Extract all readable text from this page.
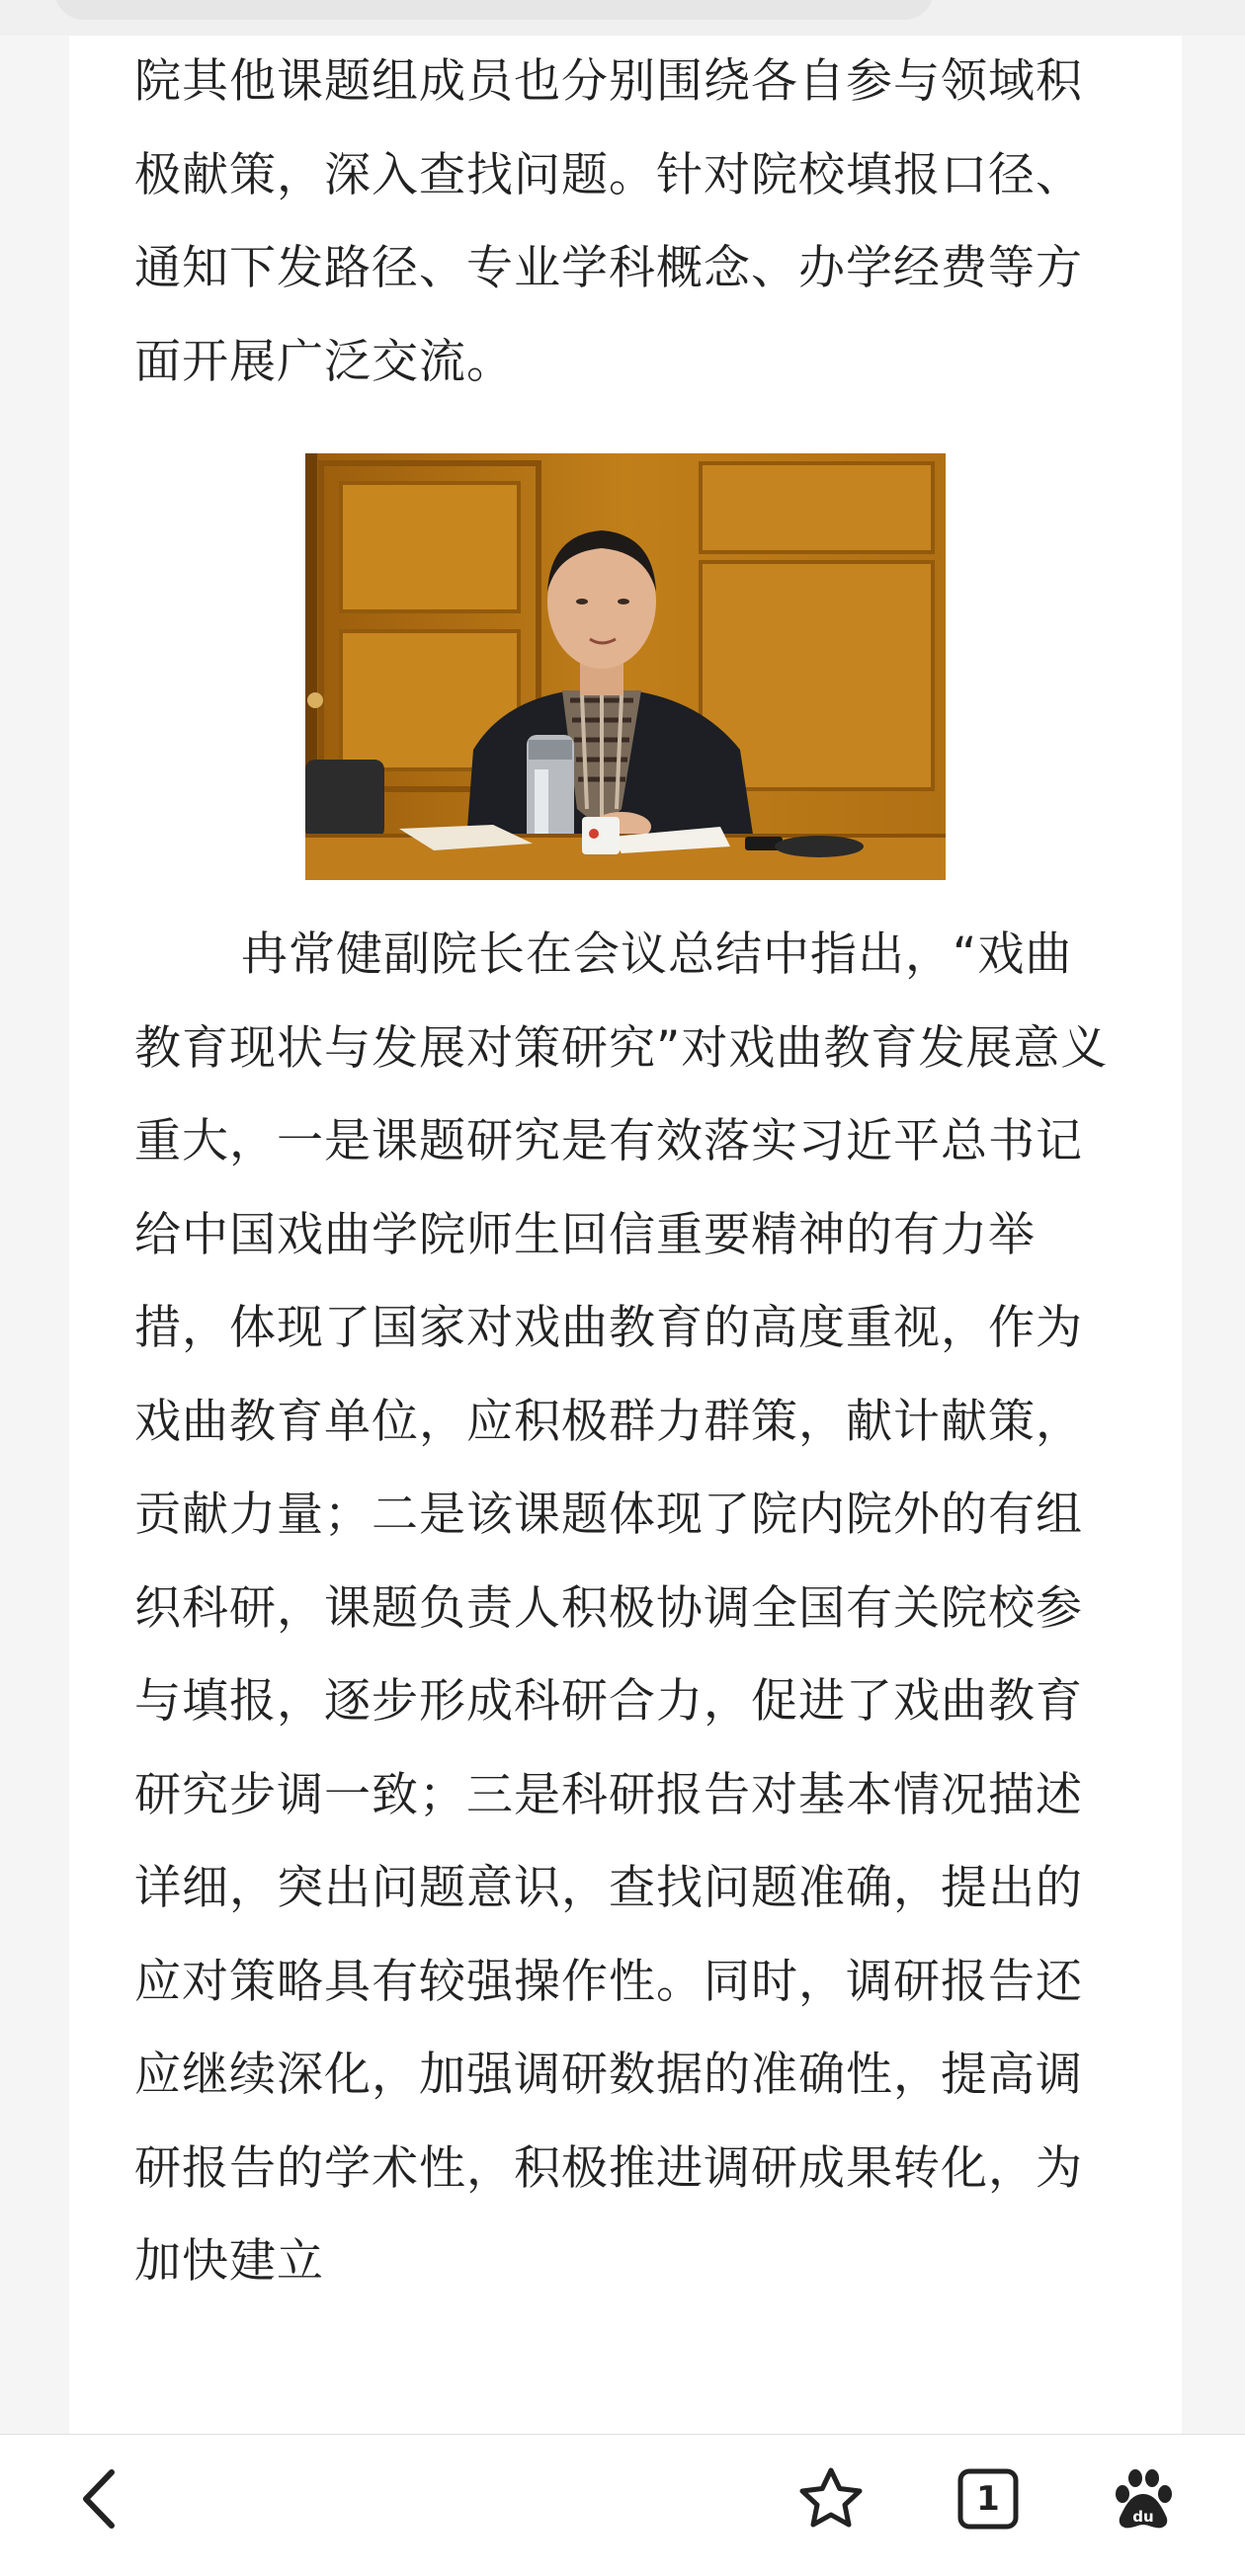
院其他课题组成员也分别围绕各自参与领域积极献策，深入查找问题。针对院校填报口径、通知下发路径、专业学科概念、办学经费等方面开展广泛交流。

冉常健副院长在会议总结中指出，“戏曲教育现状与发展对策研究”对戏曲教育发展意义重大，一是课题研究是有效落实习近平总书记给中国戏曲学院师生回信重要精神的有力举措，体现了国家对戏曲教育的高度重视，作为戏曲教育单位，应积极群力群策，献计献策，贡献力量；二是该课题体现了院内院外的有组织科研，课题负责人积极协调全国有关院校参与填报，逐步形成科研合力，促进了戏曲教育研究步调一致；三是科研报告对基本情况描述详细，突出问题意识，查找问题准确，提出的应对策略具有较强操作性。同时，调研报告还应继续深化，加强调研数据的准确性，提高调研报告的学术性，积极推进调研成果转化，为加快建立

1	du
